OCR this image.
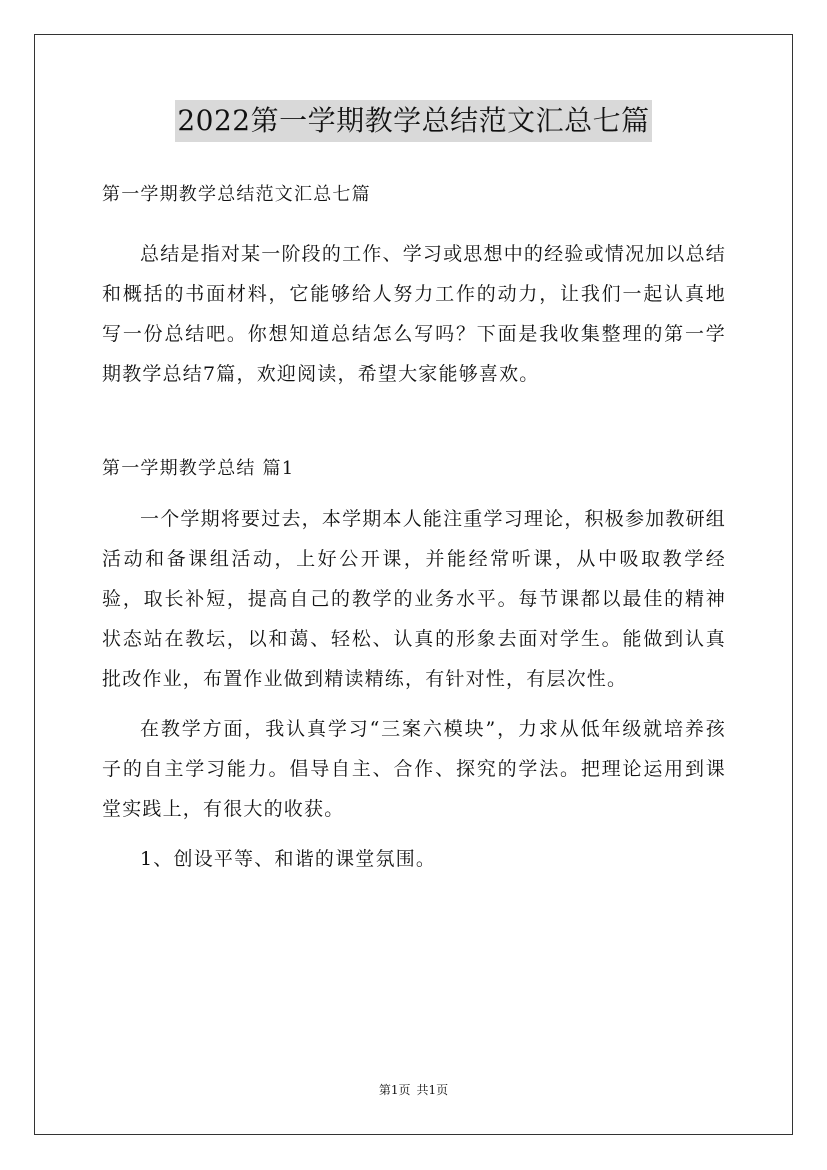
2022第一学期教学总结范文汇总七篇

第一学期教学总结范文汇总七篇

总结是指对某一阶段的工作、学习或思想中的经验或情况加以总结和概括的书面材料，它能够给人努力工作的动力，让我们一起认真地写一份总结吧。你想知道总结怎么写吗？下面是我收集整理的第一学期教学总结7篇，欢迎阅读，希望大家能够喜欢。

第一学期教学总结 篇1

一个学期将要过去，本学期本人能注重学习理论，积极参加教研组活动和备课组活动，上好公开课，并能经常听课，从中吸取教学经验，取长补短，提高自己的教学的业务水平。每节课都以最佳的精神状态站在教坛，以和蔼、轻松、认真的形象去面对学生。能做到认真批改作业，布置作业做到精读精练，有针对性，有层次性。

在教学方面，我认真学习“三案六模块”，力求从低年级就培养孩子的自主学习能力。倡导自主、合作、探究的学法。把理论运用到课堂实践上，有很大的收获。

1、创设平等、和谐的课堂氛围。

第1页 共1页
